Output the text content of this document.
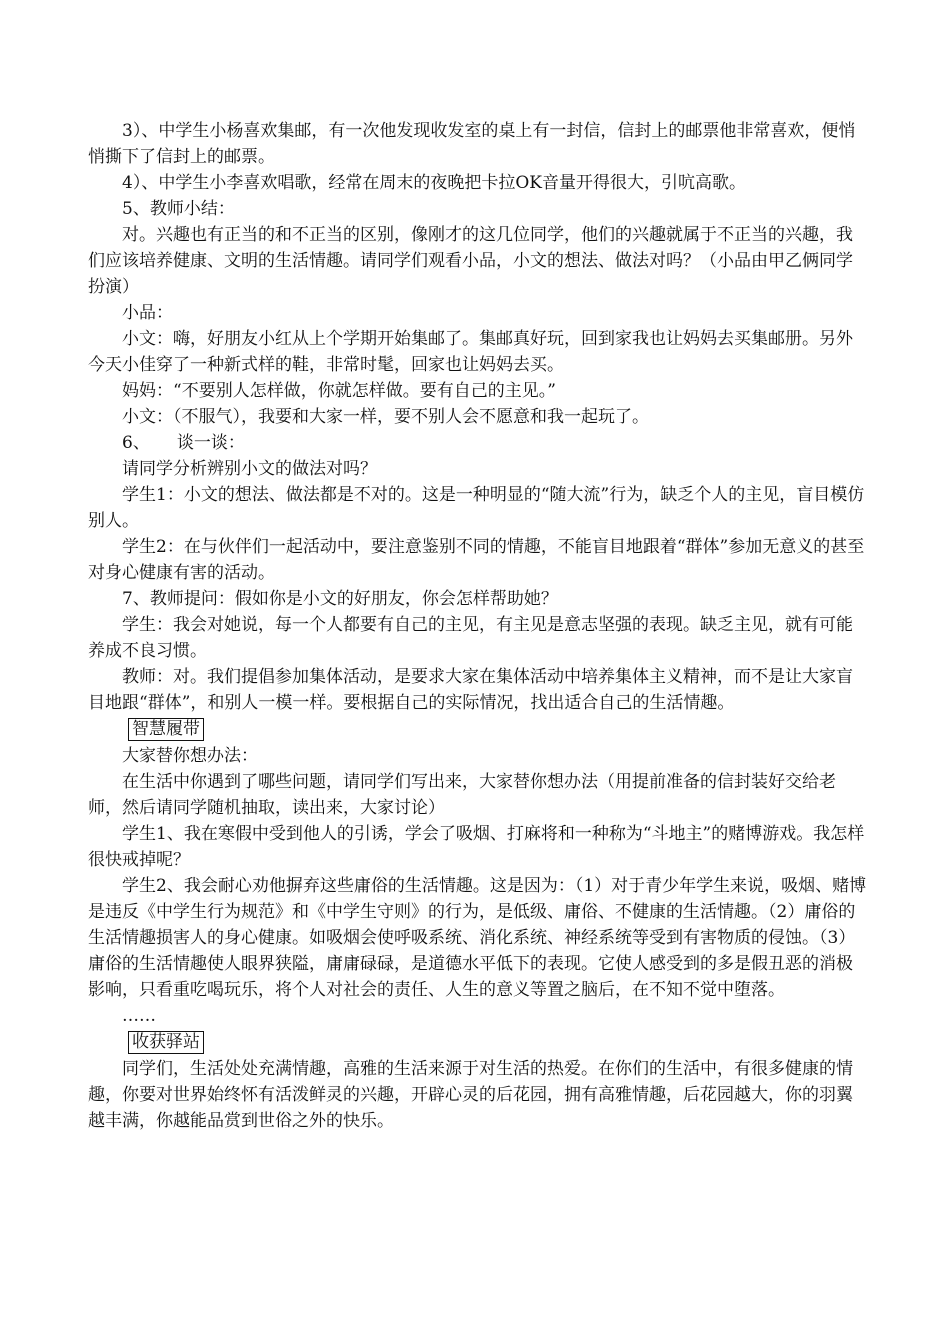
3）、中学生小杨喜欢集邮，有一次他发现收发室的桌上有一封信，信封上的邮票他非常喜欢，便悄悄撕下了信封上的邮票。

4）、中学生小李喜欢唱歌，经常在周末的夜晚把卡拉OK音量开得很大，引吭高歌。

5、教师小结：

对。兴趣也有正当的和不正当的区别，像刚才的这几位同学，他们的兴趣就属于不正当的兴趣，我们应该培养健康、文明的生活情趣。请同学们观看小品，小文的想法、做法对吗？（小品由甲乙俩同学扮演）

小品：

小文：嗨，好朋友小红从上个学期开始集邮了。集邮真好玩，回到家我也让妈妈去买集邮册。另外今天小佳穿了一种新式样的鞋，非常时髦，回家也让妈妈去买。

妈妈：“不要别人怎样做，你就怎样做。要有自己的主见。”

小文：（不服气），我要和大家一样，要不别人会不愿意和我一起玩了。

6、     谈一谈：

请同学分析辨别小文的做法对吗？

学生1：小文的想法、做法都是不对的。这是一种明显的“随大流”行为，缺乏个人的主见，盲目模仿别人。

学生2：在与伙伴们一起活动中，要注意鉴别不同的情趣，不能盲目地跟着“群体”参加无意义的甚至对身心健康有害的活动。

7、教师提问：假如你是小文的好朋友，你会怎样帮助她？

学生：我会对她说，每一个人都要有自己的主见，有主见是意志坚强的表现。缺乏主见，就有可能养成不良习惯。

教师：对。我们提倡参加集体活动，是要求大家在集体活动中培养集体主义精神，而不是让大家盲目地跟“群体”，和别人一模一样。要根据自己的实际情况，找出适合自己的生活情趣。

智慧履带

大家替你想办法：

在生活中你遇到了哪些问题，请同学们写出来，大家替你想办法（用提前准备的信封装好交给老师，然后请同学随机抽取，读出来，大家讨论）

学生1、我在寒假中受到他人的引诱，学会了吸烟、打麻将和一种称为“斗地主”的赌博游戏。我怎样很快戒掉呢？

学生2、我会耐心劝他摒弃这些庸俗的生活情趣。这是因为：（1）对于青少年学生来说，吸烟、赌博是违反《中学生行为规范》和《中学生守则》的行为，是低级、庸俗、不健康的生活情趣。（2）庸俗的生活情趣损害人的身心健康。如吸烟会使呼吸系统、消化系统、神经系统等受到有害物质的侵蚀。（3）庸俗的生活情趣使人眼界狭隘，庸庸碌碌，是道德水平低下的表现。它使人感受到的多是假丑恶的消极影响，只看重吃喝玩乐，将个人对社会的责任、人生的意义等置之脑后，在不知不觉中堕落。

……

收获驿站

同学们，生活处处充满情趣，高雅的生活来源于对生活的热爱。在你们的生活中，有很多健康的情趣，你要对世界始终怀有活泼鲜灵的兴趣，开辟心灵的后花园，拥有高雅情趣，后花园越大，你的羽翼越丰满，你越能品赏到世俗之外的快乐。
